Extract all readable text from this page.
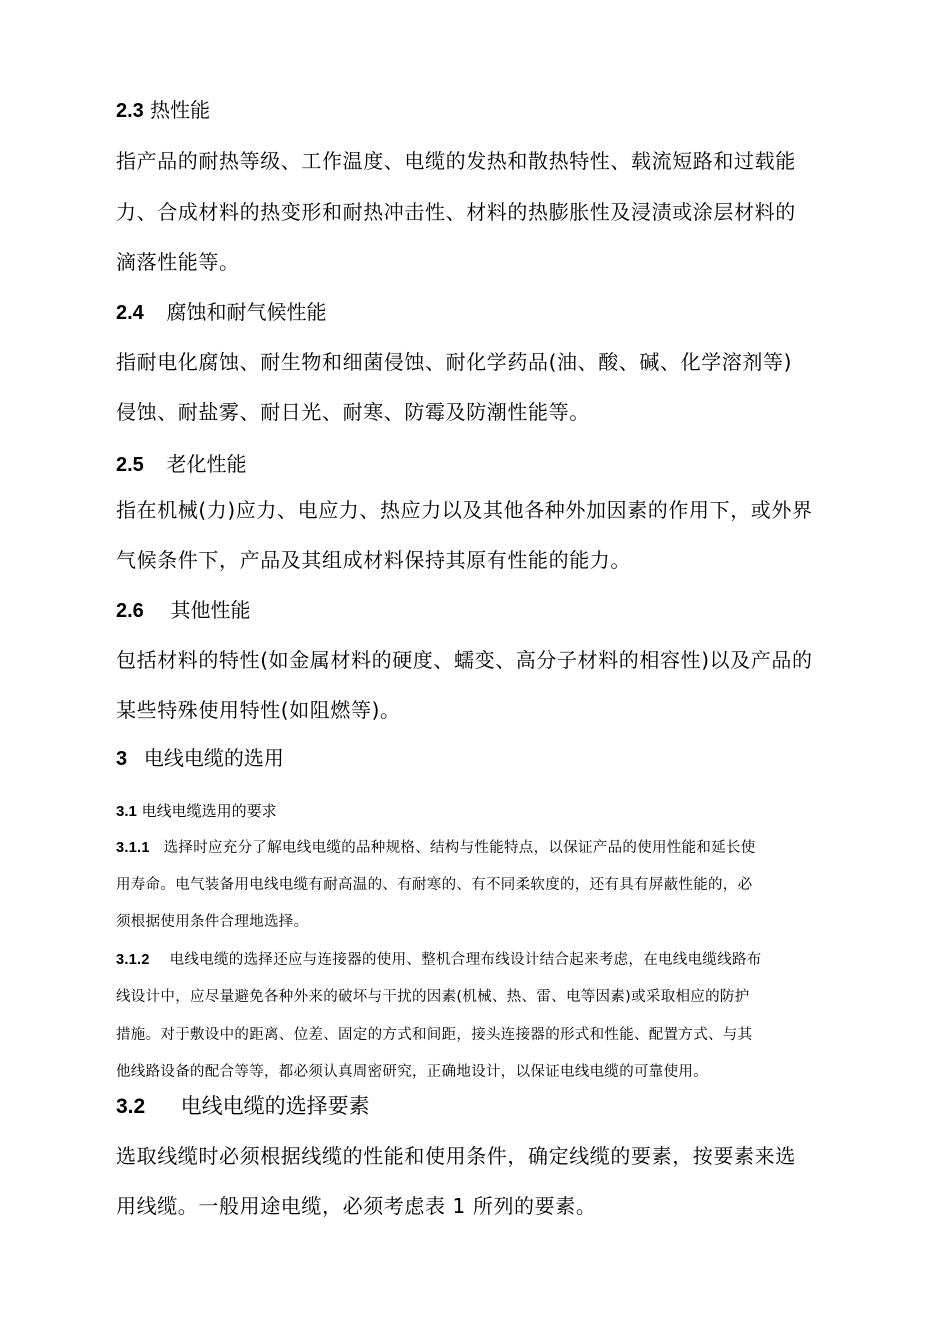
2.3 热性能
指产品的耐热等级、工作温度、电缆的发热和散热特性、载流短路和过载能
力、合成材料的热变形和耐热冲击性、材料的热膨胀性及浸渍或涂层材料的
滴落性能等。
2.4 腐蚀和耐气候性能
指耐电化腐蚀、耐生物和细菌侵蚀、耐化学药品(油、酸、碱、化学溶剂等)
侵蚀、耐盐雾、耐日光、耐寒、防霉及防潮性能等。
2.5 老化性能
指在机械(力)应力、电应力、热应力以及其他各种外加因素的作用下，或外界
气候条件下，产品及其组成材料保持其原有性能的能力。
2.6 其他性能
包括材料的特性(如金属材料的硬度、蠕变、高分子材料的相容性)以及产品的
某些特殊使用特性(如阻燃等)。
3 电线电缆的选用
3.1 电线电缆选用的要求
3.1.1 选择时应充分了解电线电缆的品种规格、结构与性能特点，以保证产品的使用性能和延长使
用寿命。电气装备用电线电缆有耐高温的、有耐寒的、有不同柔软度的，还有具有屏蔽性能的，必
须根据使用条件合理地选择。
3.1.2 电线电缆的选择还应与连接器的使用、整机合理布线设计结合起来考虑，在电线电缆线路布
线设计中，应尽量避免各种外来的破坏与干扰的因素(机械、热、雷、电等因素)或采取相应的防护
措施。对于敷设中的距离、位差、固定的方式和间距，接头连接器的形式和性能、配置方式、与其
他线路设备的配合等等，都必须认真周密研究，正确地设计，以保证电线电缆的可靠使用。
3.2 电线电缆的选择要素
选取线缆时必须根据线缆的性能和使用条件，确定线缆的要素，按要素来选
用线缆。一般用途电缆，必须考虑表 1 所列的要素。
